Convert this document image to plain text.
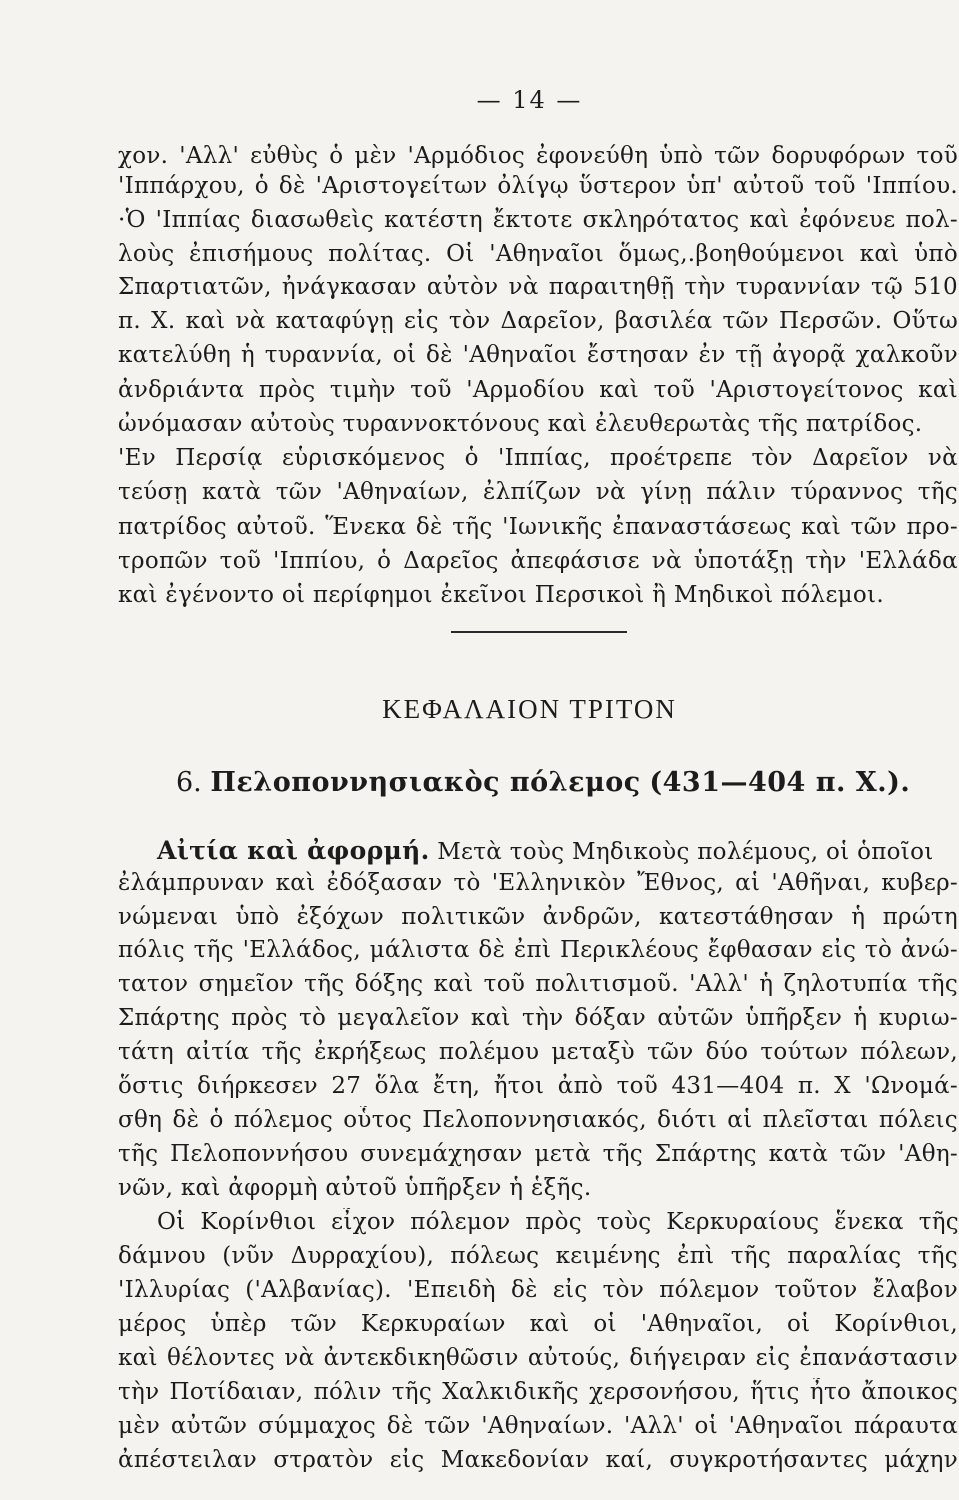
— 14 —
χον. 'Αλλ' εὐθὺς ὁ μὲν 'Αρμόδιος ἐφονεύθη ὑπὸ τῶν δορυφόρων τοῦ
'Ιππάρχου, ὁ δὲ 'Αριστογείτων ὀλίγῳ ὕστερον ὑπ' αὐτοῦ τοῦ 'Ιππίου.
·Ὁ 'Ιππίας διασωθεὶς κατέστη ἔκτοτε σκληρότατος καὶ ἐφόνευε πολ-
λοὺς ἐπισήμους πολίτας. Οἱ 'Αθηναῖοι ὅμως,.βοηθούμενοι καὶ ὑπὸ
Σπαρτιατῶν, ἠνάγκασαν αὐτὸν νὰ παραιτηθῇ τὴν τυραννίαν τῷ 510
π. Χ. καὶ νὰ καταφύγῃ εἰς τὸν Δαρεῖον, βασιλέα τῶν Περσῶν. Οὕτω
κατελύθη ἡ τυραννία, οἱ δὲ 'Αθηναῖοι ἔστησαν ἐν τῇ ἀγορᾷ χαλκοῦν
ἀνδριάντα πρὸς τιμὴν τοῦ 'Αρμοδίου καὶ τοῦ 'Αριστογείτονος καὶ
ὠνόμασαν αὐτοὺς τυραννοκτόνους καὶ ἐλευθερωτὰς τῆς πατρίδος.
'Εν Περσίᾳ εὑρισκόμενος ὁ 'Ιππίας, προέτρεπε τὸν Δαρεῖον νὰ
τεύσῃ κατὰ τῶν 'Αθηναίων, ἐλπίζων νὰ γίνῃ πάλιν τύραννος τῆς
πατρίδος αὐτοῦ. Ἕνεκα δὲ τῆς 'Ιωνικῆς ἐπαναστάσεως καὶ τῶν προ-
τροπῶν τοῦ 'Ιππίου, ὁ Δαρεῖος ἀπεφάσισε νὰ ὑποτάξῃ τὴν 'Ελλάδα
καὶ ἐγένοντο οἱ περίφημοι ἐκεῖνοι Περσικοὶ ἢ Μηδικοὶ πόλεμοι.
ΚΕΦΑΛΑΙΟΝ ΤΡΙΤΟΝ
6. Πελοποννησιακὸς πόλεμος (431—404 π. Χ.).
Αἰτία καὶ ἀφορμή. Μετὰ τοὺς Μηδικοὺς πολέμους, οἱ ὁποῖοι
ἐλάμπρυναν καὶ ἐδόξασαν τὸ 'Ελληνικὸν Ἔθνος, αἱ 'Αθῆναι, κυβερ-
νώμεναι ὑπὸ ἐξόχων πολιτικῶν ἀνδρῶν, κατεστάθησαν ἡ πρώτη
πόλις τῆς 'Ελλάδος, μάλιστα δὲ ἐπὶ Περικλέους ἔφθασαν εἰς τὸ ἀνώ-
τατον σημεῖον τῆς δόξης καὶ τοῦ πολιτισμοῦ. 'Αλλ' ἡ ζηλοτυπία τῆς
Σπάρτης πρὸς τὸ μεγαλεῖον καὶ τὴν δόξαν αὐτῶν ὑπῆρξεν ἡ κυριω-
τάτη αἰτία τῆς ἐκρήξεως πολέμου μεταξὺ τῶν δύο τούτων πόλεων,
ὅστις διήρκεσεν 27 ὅλα ἔτη, ἤτοι ἀπὸ τοῦ 431—404 π. Χ 'Ωνομά-
σθη δὲ ὁ πόλεμος οὗτος Πελοποννησιακός, διότι αἱ πλεῖσται πόλεις
τῆς Πελοποννήσου συνεμάχησαν μετὰ τῆς Σπάρτης κατὰ τῶν 'Αθη-
νῶν, καὶ ἀφορμὴ αὐτοῦ ὑπῆρξεν ἡ ἑξῆς.
Οἱ Κορίνθιοι εἶχον πόλεμον πρὸς τοὺς Κερκυραίους ἕνεκα τῆς
δάμνου (νῦν Δυρραχίου), πόλεως κειμένης ἐπὶ τῆς παραλίας τῆς
'Ιλλυρίας ('Αλβανίας). 'Επειδὴ δὲ εἰς τὸν πόλεμον τοῦτον ἔλαβον
μέρος ὑπὲρ τῶν Κερκυραίων καὶ οἱ 'Αθηναῖοι, οἱ Κορίνθιοι,
καὶ θέλοντες νὰ ἀντεκδικηθῶσιν αὐτούς, διήγειραν εἰς ἐπανάστασιν
τὴν Ποτίδαιαν, πόλιν τῆς Χαλκιδικῆς χερσονήσου, ἥτις ἦτο ἄποικος
μὲν αὐτῶν σύμμαχος δὲ τῶν 'Αθηναίων. 'Αλλ' οἱ 'Αθηναῖοι πάραυτα
ἀπέστειλαν στρατὸν εἰς Μακεδονίαν καί, συγκροτήσαντες μάχην
